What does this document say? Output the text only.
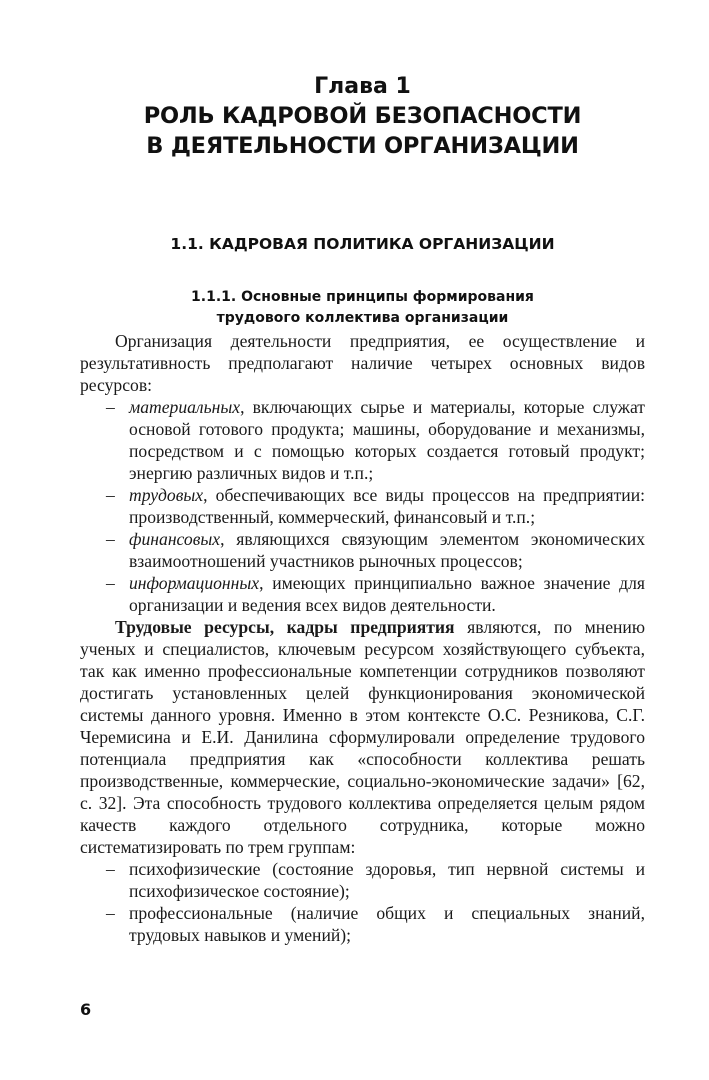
Глава 1
РОЛЬ КАДРОВОЙ БЕЗОПАСНОСТИ
В ДЕЯТЕЛЬНОСТИ ОРГАНИЗАЦИИ
1.1. КАДРОВАЯ ПОЛИТИКА ОРГАНИЗАЦИИ
1.1.1. Основные принципы формирования
трудового коллектива организации

Организация деятельности предприятия, ее осуществление и результативность предполагают наличие четырех основных видов ресурсов:

– материальных, включающих сырье и материалы, которые служат основой готового продукта; машины, оборудование и механизмы, посредством и с помощью которых создается готовый продукт; энергию различных видов и т.п.;
– трудовых, обеспечивающих все виды процессов на предприятии: производственный, коммерческий, финансовый и т.п.;
– финансовых, являющихся связующим элементом экономических взаимоотношений участников рыночных процессов;
– информационных, имеющих принципиально важное значение для организации и ведения всех видов деятельности.

Трудовые ресурсы, кадры предприятия являются, по мнению ученых и специалистов, ключевым ресурсом хозяйствующего субъекта, так как именно профессиональные компетенции сотрудников позволяют достигать установленных целей функционирования экономической системы данного уровня. Именно в этом контексте О.С. Резникова, С.Г. Черемисина и Е.И. Данилина сформулировали определение трудового потенциала предприятия как «способности коллектива решать производственные, коммерческие, социально-экономические задачи» [62, с. 32]. Эта способность трудового коллектива определяется целым рядом качеств каждого отдельного сотрудника, которые можно систематизировать по трем группам:

– психофизические (состояние здоровья, тип нервной системы и психофизическое состояние);
– профессиональные (наличие общих и специальных знаний, трудовых навыков и умений);
6
